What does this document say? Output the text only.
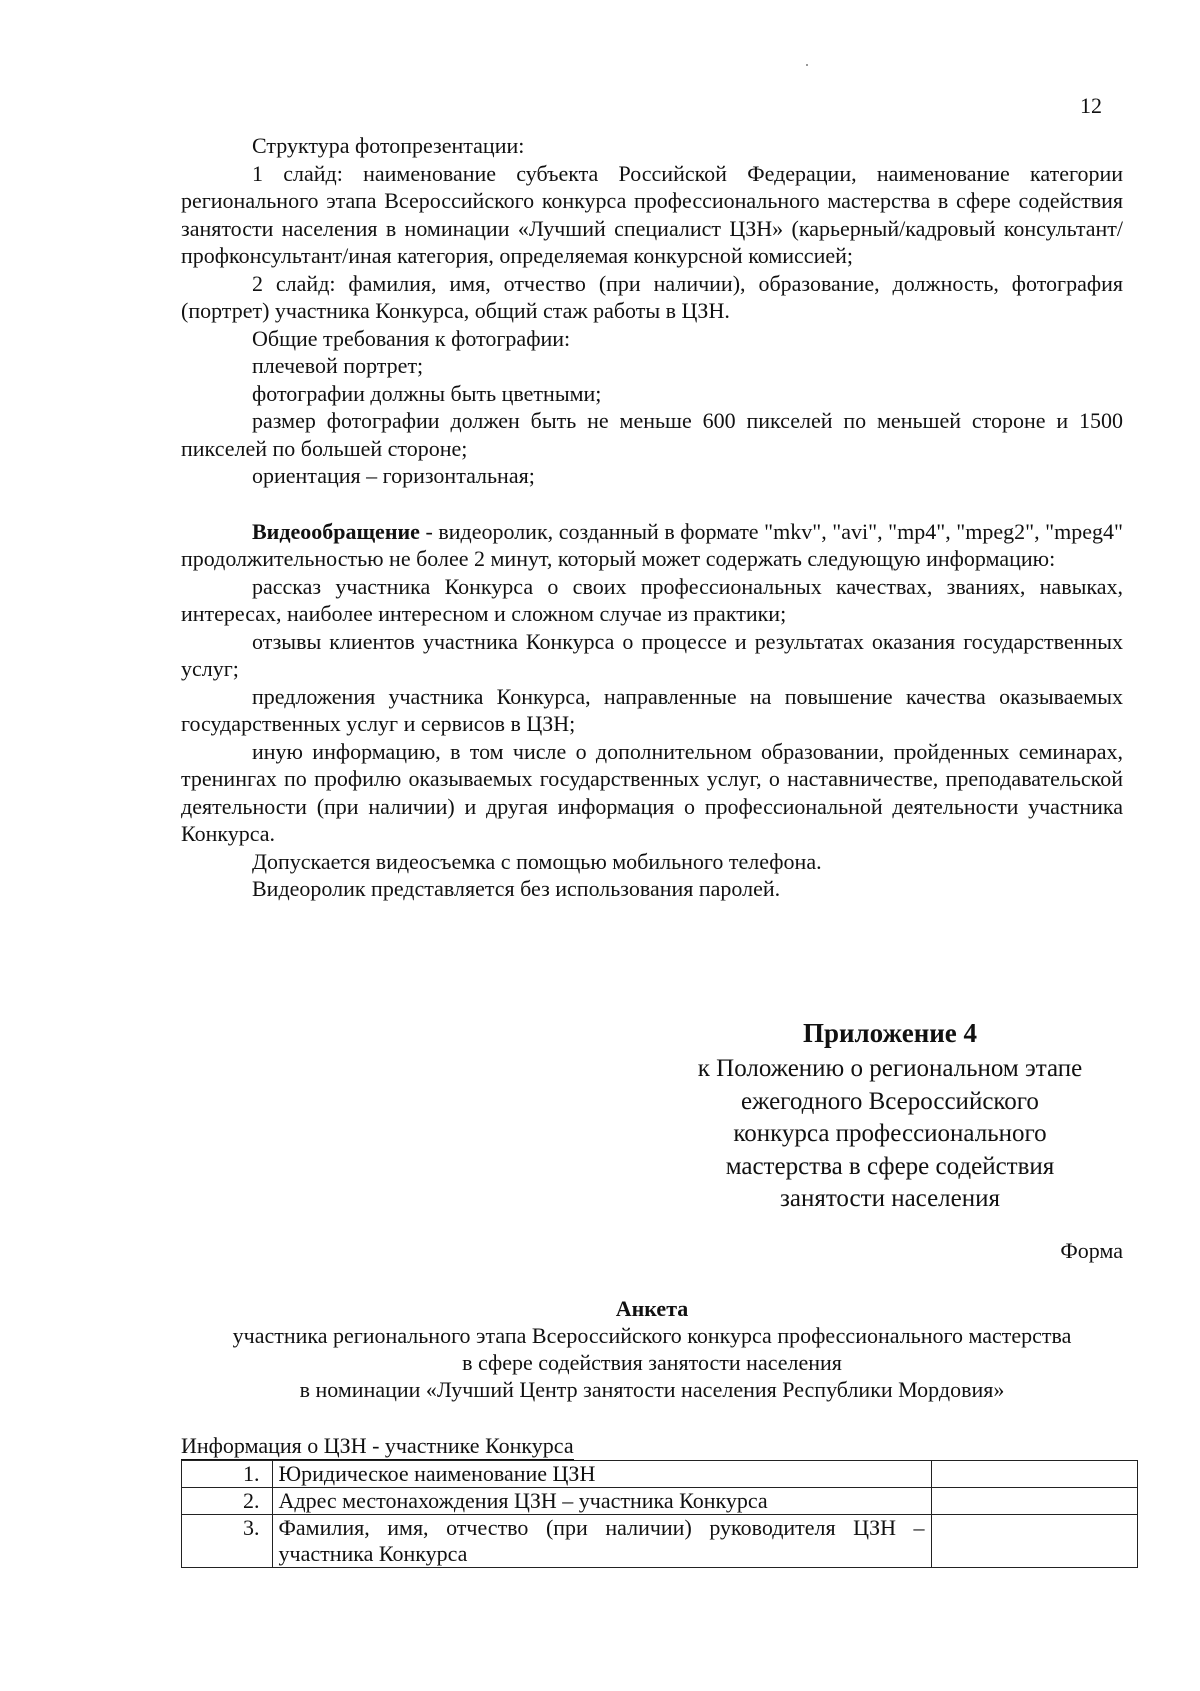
12

Структура фотопрезентации:

1 слайд: наименование субъекта Российской Федерации, наименование категории регионального этапа Всероссийского конкурса профессионального мастерства в сфере содействия занятости населения в номинации «Лучший специалист ЦЗН» (карьерный/кадровый консультант/профконсультант/иная категория, определяемая конкурсной комиссией;

2 слайд: фамилия, имя, отчество (при наличии), образование, должность, фотография (портрет) участника Конкурса, общий стаж работы в ЦЗН.

Общие требования к фотографии:

плечевой портрет;

фотографии должны быть цветными;

размер фотографии должен быть не меньше 600 пикселей по меньшей стороне и 1500 пикселей по большей стороне;

ориентация – горизонтальная;

Видеообращение - видеоролик, созданный в формате "mkv", "avi", "mp4", "mpeg2", "mpeg4" продолжительностью не более 2 минут, который может содержать следующую информацию:

рассказ участника Конкурса о своих профессиональных качествах, званиях, навыках, интересах, наиболее интересном и сложном случае из практики;

отзывы клиентов участника Конкурса о процессе и результатах оказания государственных услуг;

предложения участника Конкурса, направленные на повышение качества оказываемых государственных услуг и сервисов в ЦЗН;

иную информацию, в том числе о дополнительном образовании, пройденных семинарах, тренингах по профилю оказываемых государственных услуг, о наставничестве, преподавательской деятельности (при наличии) и другая информация о профессиональной деятельности участника Конкурса.

Допускается видеосъемка с помощью мобильного телефона.

Видеоролик представляется без использования паролей.

Приложение 4
к Положению о региональном этапе
ежегодного Всероссийского
конкурса профессионального
мастерства в сфере содействия
занятости населения
Форма
Анкета
участника регионального этапа Всероссийского конкурса профессионального мастерства
в сфере содействия занятости населения
в номинации «Лучший Центр занятости населения Республики Мордовия»
Информация о ЦЗН - участнике Конкурса
1.	Юридическое наименование ЦЗН	
2.	Адрес местонахождения ЦЗН – участника Конкурса	
3.	Фамилия, имя, отчество (при наличии) руководителя ЦЗН – участника Конкурса	
